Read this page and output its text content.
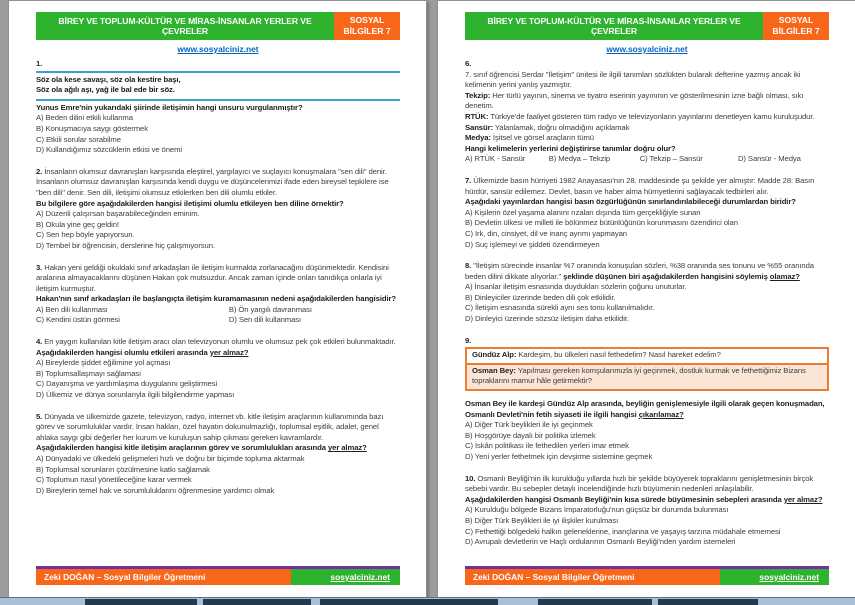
BİREY VE TOPLUM-KÜLTÜR VE MİRAS-İNSANLAR YERLER VE ÇEVRELER
SOSYAL
BİLGİLER 7
www.sosyalciniz.net
1.
Söz ola kese savaşı, söz ola kestire başı,
Söz ola ağılı aşı, yağ ile bal ede bir söz.

Yunus Emre'nin yukarıdaki şiirinde iletişimin hangi unsuru vurgulanmıştır?

A) Beden dilini etkili kullanma
B) Konuşmacıya saygı göstermek
C) Etkili sorular sorabilme
D) Kullandığımız sözcüklerin etkisi ve önemi

2. İnsanların olumsuz davranışları karşısında eleştirel, yargılayıcı ve suçlayıcı konuşmalara "sen dili" denir. İnsanların olumsuz davranışları karşısında kendi duygu ve düşüncelerimizi ifade eden bireysel tepkilere ise "ben dili" denir. Sen dili, iletişimi olumsuz etkilerken ben dili olumlu etkiler.

Bu bilgilere göre aşağıdakilerden hangisi iletişimi olumlu etkileyen ben diline örnektir?

A) Düzenli çalışırsan başarabileceğinden eminim.
B) Okula yine geç geldin!
C) Sen hep böyle yapıyorsun.
D) Tembel bir öğrencisin, derslerine hiç çalışmıyorsun.

3. Hakan yeni geldiği okuldaki sınıf arkadaşları ile iletişim kurmakta zorlanacağını düşünmektedir. Kendisini aralarına almayacaklarını düşünen Hakan çok mutsuzdur. Ancak zaman içinde onları tanıdıkça onlarla iyi iletişim kurmuştur.

Hakan'nın sınıf arkadaşları ile başlangıçta iletişim kuramamasının nedeni aşağıdakilerden hangisidir?

A) Ben dili kullanması	B) Ön yargılı davranması
C) Kendini üstün görmesi	D) Sen dili kullanması

4. En yaygın kullanılan kitle iletişim aracı olan televizyonun olumlu ve olumsuz pek çok etkileri bulunmaktadır.

Aşağıdakilerden hangisi olumlu etkileri arasında yer almaz?

A) Bireylerde şiddet eğilimine yol açması
B) Toplumsallaşmayı sağlaması
C) Dayanışma ve yardımlaşma duygularını geliştirmesi
D) Ülkemiz ve dünya sorunlarıyla ilgili bilgilendirme yapması

5. Dünyada ve ülkemizde gazete, televizyon, radyo, internet vb. kitle iletişim araçlarının kullanımında bazı görev ve sorumluluklar vardır. İnsan hakları, özel hayatın dokunulmazlığı, toplumsal eşitlik, adalet, genel ahlaka saygı gibi değerler her kurum ve kuruluşun sahip çıkması gereken kavramlardır.

Aşağıdakilerden hangisi kitle iletişim araçlarının görev ve sorumlulukları arasında yer almaz?

A) Dünyadaki ve ülkedeki gelişmeleri hızlı ve doğru bir biçimde topluma aktarmak
B) Toplumsal sorunların çözülmesine katkı sağlamak
C) Toplumun nasıl yönetileceğine karar vermek
D) Bireylerin temel hak ve sorumluluklarını öğrenmesine yardımcı olmak
Zeki DOĞAN – Sosyal Bilgiler Öğretmeni	sosyalciniz.net
BİREY VE TOPLUM-KÜLTÜR VE MİRAS-İNSANLAR YERLER VE ÇEVRELER
SOSYAL
BİLGİLER 7
www.sosyalciniz.net
6.

7. sınıf öğrencisi Serdar "İletişim" ünitesi ile ilgili tanımları sözlükten bularak defterine yazmış ancak iki kelimenin yerini yanlış yazmıştır.

Tekzip: Her türlü yayının, sinema ve tiyatro eserinin yayınının ve gösterilmesinin izne bağlı olması, sıkı denetim.

RTÜK: Türkiye'de faaliyet gösteren tüm radyo ve televizyonların yayınlarını denetleyen kamu kuruluşudur.

Sansür: Yalanlamak, doğru olmadığını açıklamak

Medya: İşitsel ve görsel araçların tümü

Hangi kelimelerin yerlerini değiştirirse tanımlar doğru olur?

A) RTÜK - Sansür	B) Medya – Tekzip	C) Tekzip – Sansür	D) Sansür - Medya

7. Ülkemizde basın hürriyeti 1982 Anayasası'nın 28. maddesinde şu şekilde yer almıştır: Madde 28: Basın hürdür, sansür edilemez. Devlet, basın ve haber alma hürriyetlerini sağlayacak tedbirleri alır.

Aşağıdaki yayınlardan hangisi basın özgürlüğünün sınırlandırılabileceği durumlardan biridir?

A) Kişilerin özel yaşama alanını rızaları dışında tüm gerçekliğiyle sunan
B) Devletin ülkesi ve milleti ile bölünmez bütünlüğünün korunmasını özendirici olan
C) Irk, din, cinsiyet, dil ve inanç ayrımı yapmayan
D) Suç işlemeyi ve şiddeti özendirmeyen

8. "İletişim sürecinde insanlar %7 oranında konuşulan sözleri, %38 oranında ses tonunu ve %55 oranında beden dilini dikkate alıyorlar." şeklinde düşünen biri aşağıdakilerden hangisini söylemiş olamaz?

A) İnsanlar iletişim esnasında duydukları sözlerin çoğunu unuturlar.
B) Dinleyiciler üzerinde beden dili çok etkilidir.
C) İletişim esnasında sürekli aynı ses tonu kullanılmalıdır.
D) Dinleyici üzerinde sözsüz iletişim daha etkilidir.
9.
Gündüz Alp: Kardeşim, bu ülkeleri nasıl fethedelim? Nasıl hareket edelim?
Osman Bey: Yapılması gereken komşularımızla iyi geçinmek, dostluk kurmak ve fethettiğimiz Bizans topraklarını mamur hâle getirmektir?

Osman Bey ile kardeşi Gündüz Alp arasında, beyliğin genişlemesiyle ilgili olarak geçen konuşmadan, Osmanlı Devleti'nin fetih siyaseti ile ilgili hangisi çıkarılamaz?

A) Diğer Türk beylikleri ile iyi geçinmek
B) Hoşgörüye dayalı bir politika izlemek
C) İskân politikası ile fethedilen yerleri imar etmek
D) Yeni yerler fethetmek için devşirme sistemine geçmek

10. Osmanlı Beyliği'nin ilk kurulduğu yıllarda hızlı bir şekilde büyüyerek topraklarını genişletmesinin birçok sebebi vardır. Bu sebepler detaylı incelendiğinde hızlı büyümenin nedenleri anlaşılabilir.

Aşağıdakilerden hangisi Osmanlı Beyliği'nin kısa sürede büyümesinin sebepleri arasında yer almaz?

A) Kurulduğu bölgede Bizans İmparatorluğu'nun güçsüz bir durumda bulunması
B) Diğer Türk Beylikleri ile iyi ilişkiler kurulması
C) Fethettiği bölgedeki halkın geleneklerine, inançlarına ve yaşayış tarzına müdahale etmemesi
D) Avrupalı devletlerin ve Haçlı ordularının Osmanlı Beyliği'nden yardım istemeleri
Zeki DOĞAN – Sosyal Bilgiler Öğretmeni	sosyalciniz.net
